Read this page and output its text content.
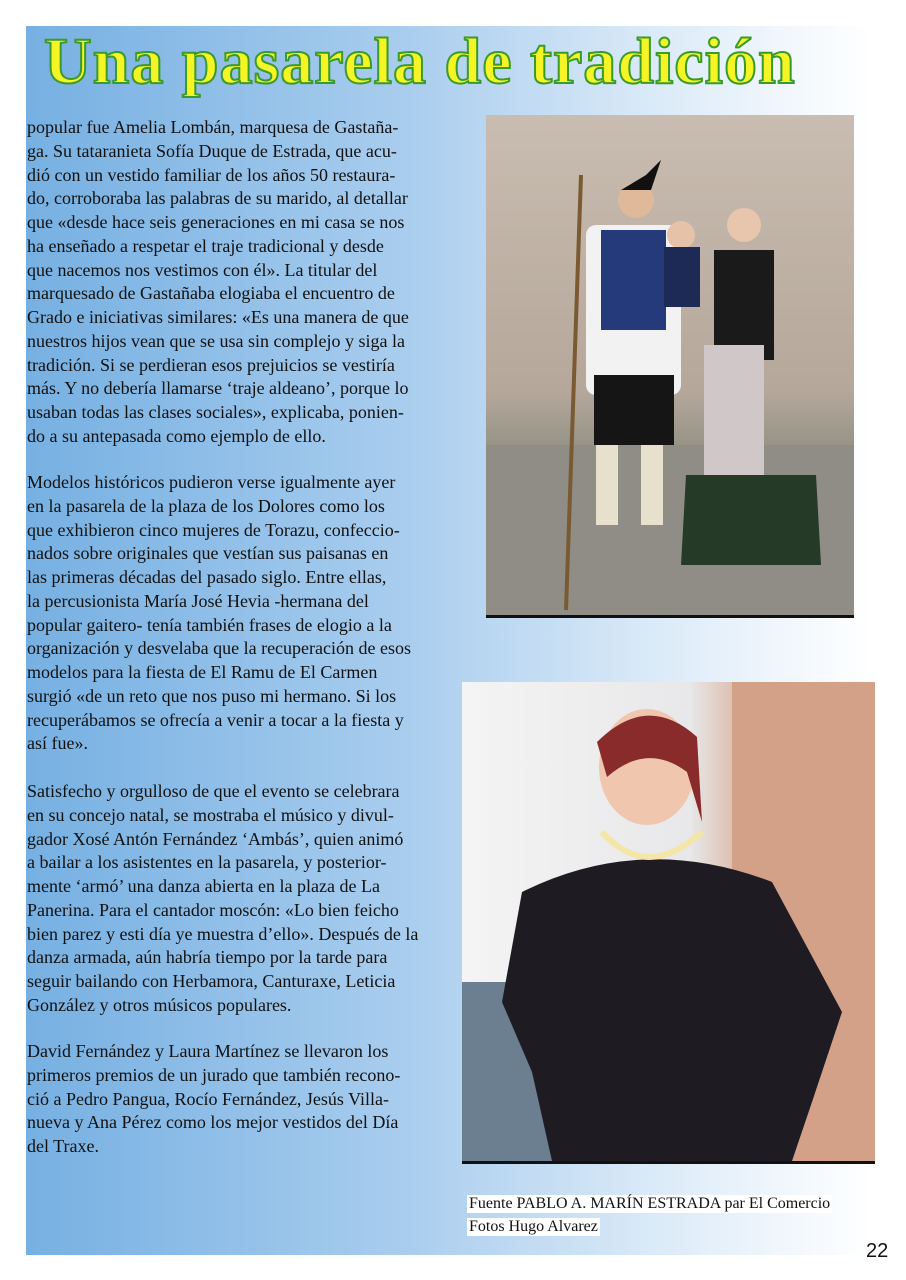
Una pasarela de tradición
popular fue Amelia Lombán, marquesa de Gastaña-
ga. Su tataranieta Sofía Duque de Estrada, que acu-
dió con un vestido familiar de los años 50 restaura-
do, corroboraba las palabras de su marido, al detallar
que «desde hace seis generaciones en mi casa se nos
ha enseñado a respetar el traje tradicional y desde
que nacemos nos vestimos con él». La titular del
marquesado de Gastañaba elogiaba el encuentro de
Grado e iniciativas similares: «Es una manera de que
nuestros hijos vean que se usa sin complejo y siga la
tradición. Si se perdieran esos prejuicios se vestiría
más. Y no debería llamarse ‘traje aldeano’, porque lo
usaban todas las clases sociales», explicaba, ponien-
do a su antepasada como ejemplo de ello.
Modelos históricos pudieron verse igualmente ayer
en la pasarela de la plaza de los Dolores como los
que exhibieron cinco mujeres de Torazu, confeccio-
nados sobre originales que vestían sus paisanas en
las primeras décadas del pasado siglo. Entre ellas,
la percusionista María José Hevia -hermana del
popular gaitero- tenía también frases de elogio a la
organización y desvelaba que la recuperación de esos
modelos para la fiesta de El Ramu de El Carmen
surgió «de un reto que nos puso mi hermano. Si los
recuperábamos se ofrecía a venir a tocar a la fiesta y
así fue».
Satisfecho y orgulloso de que el evento se celebrara
en su concejo natal, se mostraba el músico y divul-
gador Xosé Antón Fernández ‘Ambás’, quien animó
a bailar a los asistentes en la pasarela, y posterior-
mente ‘armó’ una danza abierta en la plaza de La
Panerina. Para el cantador moscón: «Lo bien feicho
bien parez y esti día ye muestra d’ello». Después de la
danza armada, aún habría tiempo por la tarde para
seguir bailando con Herbamora, Canturaxe, Leticia
González y otros músicos populares.
David Fernández y Laura Martínez se llevaron los
primeros premios de un jurado que también recono-
ció a Pedro Pangua, Rocío Fernández, Jesús Villa-
nueva y Ana Pérez como los mejor vestidos del Día
del Traxe.
Fuente PABLO A. MARÍN ESTRADA par El Comercio
Fotos Hugo Alvarez
22
